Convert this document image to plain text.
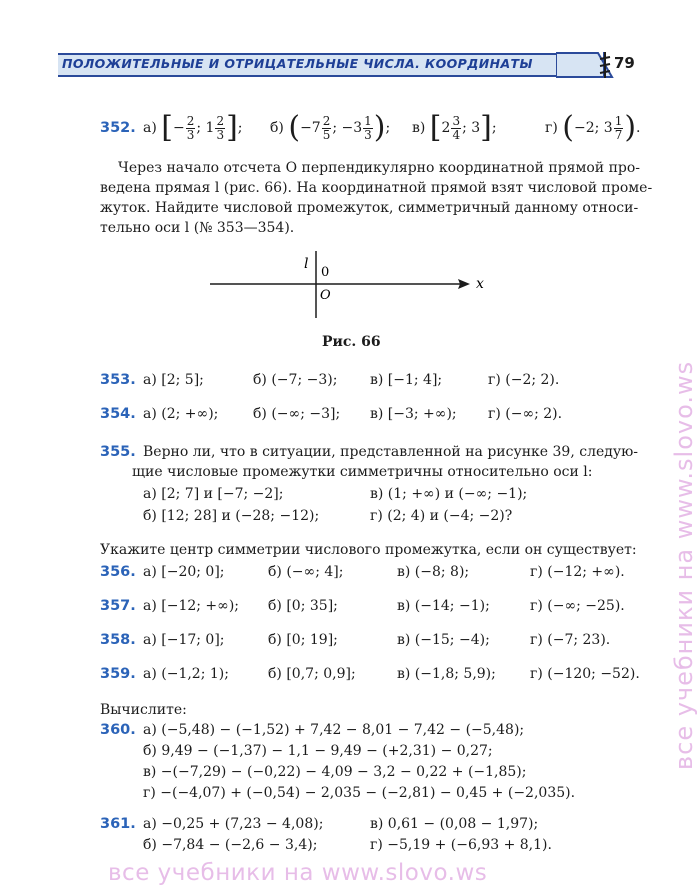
ПОЛОЖИТЕЛЬНЫЕ И ОТРИЦАТЕЛЬНЫЕ ЧИСЛА. КООРДИНАТЫ	79
352. а) [− $\frac{2}{3}$ ; $1 \frac{2}{3}$ ]; б) ($-7 \frac{2}{5}$ ; $-3 \frac{1}{3}$ ); в) [$2 \frac{3}{4}$ ; 3];	г) (−2; $3 \frac{1}{7}$ ).
Через начало отсчета O перпендикулярно координатной прямой про-
ведена прямая l (рис. 66). На координатной прямой взят числовой проме-
жуток. Найдите числовой промежуток, симметричный данному относи-
тельно оси l (№ 353—354).
l
0
O
x
Рис. 66
353. а) [2; 5];	б) (−7; −3); в) [−1; 4];	г) (−2; 2).
354. а) (2; +∞); б) (−∞; −3]; в) [−3; +∞); г) (−∞; 2).
355. Верно ли, что в ситуации, представленной на рисунке 39, следую-
щие числовые промежутки симметричны относительно оси l:
а) [2; 7] и [−7; −2];	в) (1; +∞) и (−∞; −1);
б) [12; 28] и (−28; −12);	г) (2; 4) и (−4; −2)?
Укажите центр симметрии числового промежутка, если он существует:
356. а) [−20; 0];	б) (−∞; 4];	в) (−8; 8);	г) (−12; +∞).
357. а) [−12; +∞); б) [0; 35];	в) (−14; −1);	г) (−∞; −25).
358. а) [−17; 0];	б) [0; 19];	в) (−15; −4);	г) (−7; 23).
359. а) (−1,2; 1);	б) [0,7; 0,9];	в) (−1,8; 5,9); г) (−120; −52).
Вычислите:
360. а) (−5,48) − (−1,52) + 7,42 − 8,01 − 7,42 − (−5,48);
б) 9,49 − (−1,37) − 1,1 − 9,49 − (+2,31) − 0,27;
в) −(−7,29) − (−0,22) − 4,09 − 3,2 − 0,22 + (−1,85);
г) −(−4,07) + (−0,54) − 2,035 − (−2,81) − 0,45 + (−2,035).
361. а) −0,25 + (7,23 − 4,08);	в) 0,61 − (0,08 − 1,97);
б) −7,84 − (−2,6 − 3,4);	г) −5,19 + (−6,93 + 8,1).
все учебники на www.slovo.ws
все учебники на www.slovo.ws
